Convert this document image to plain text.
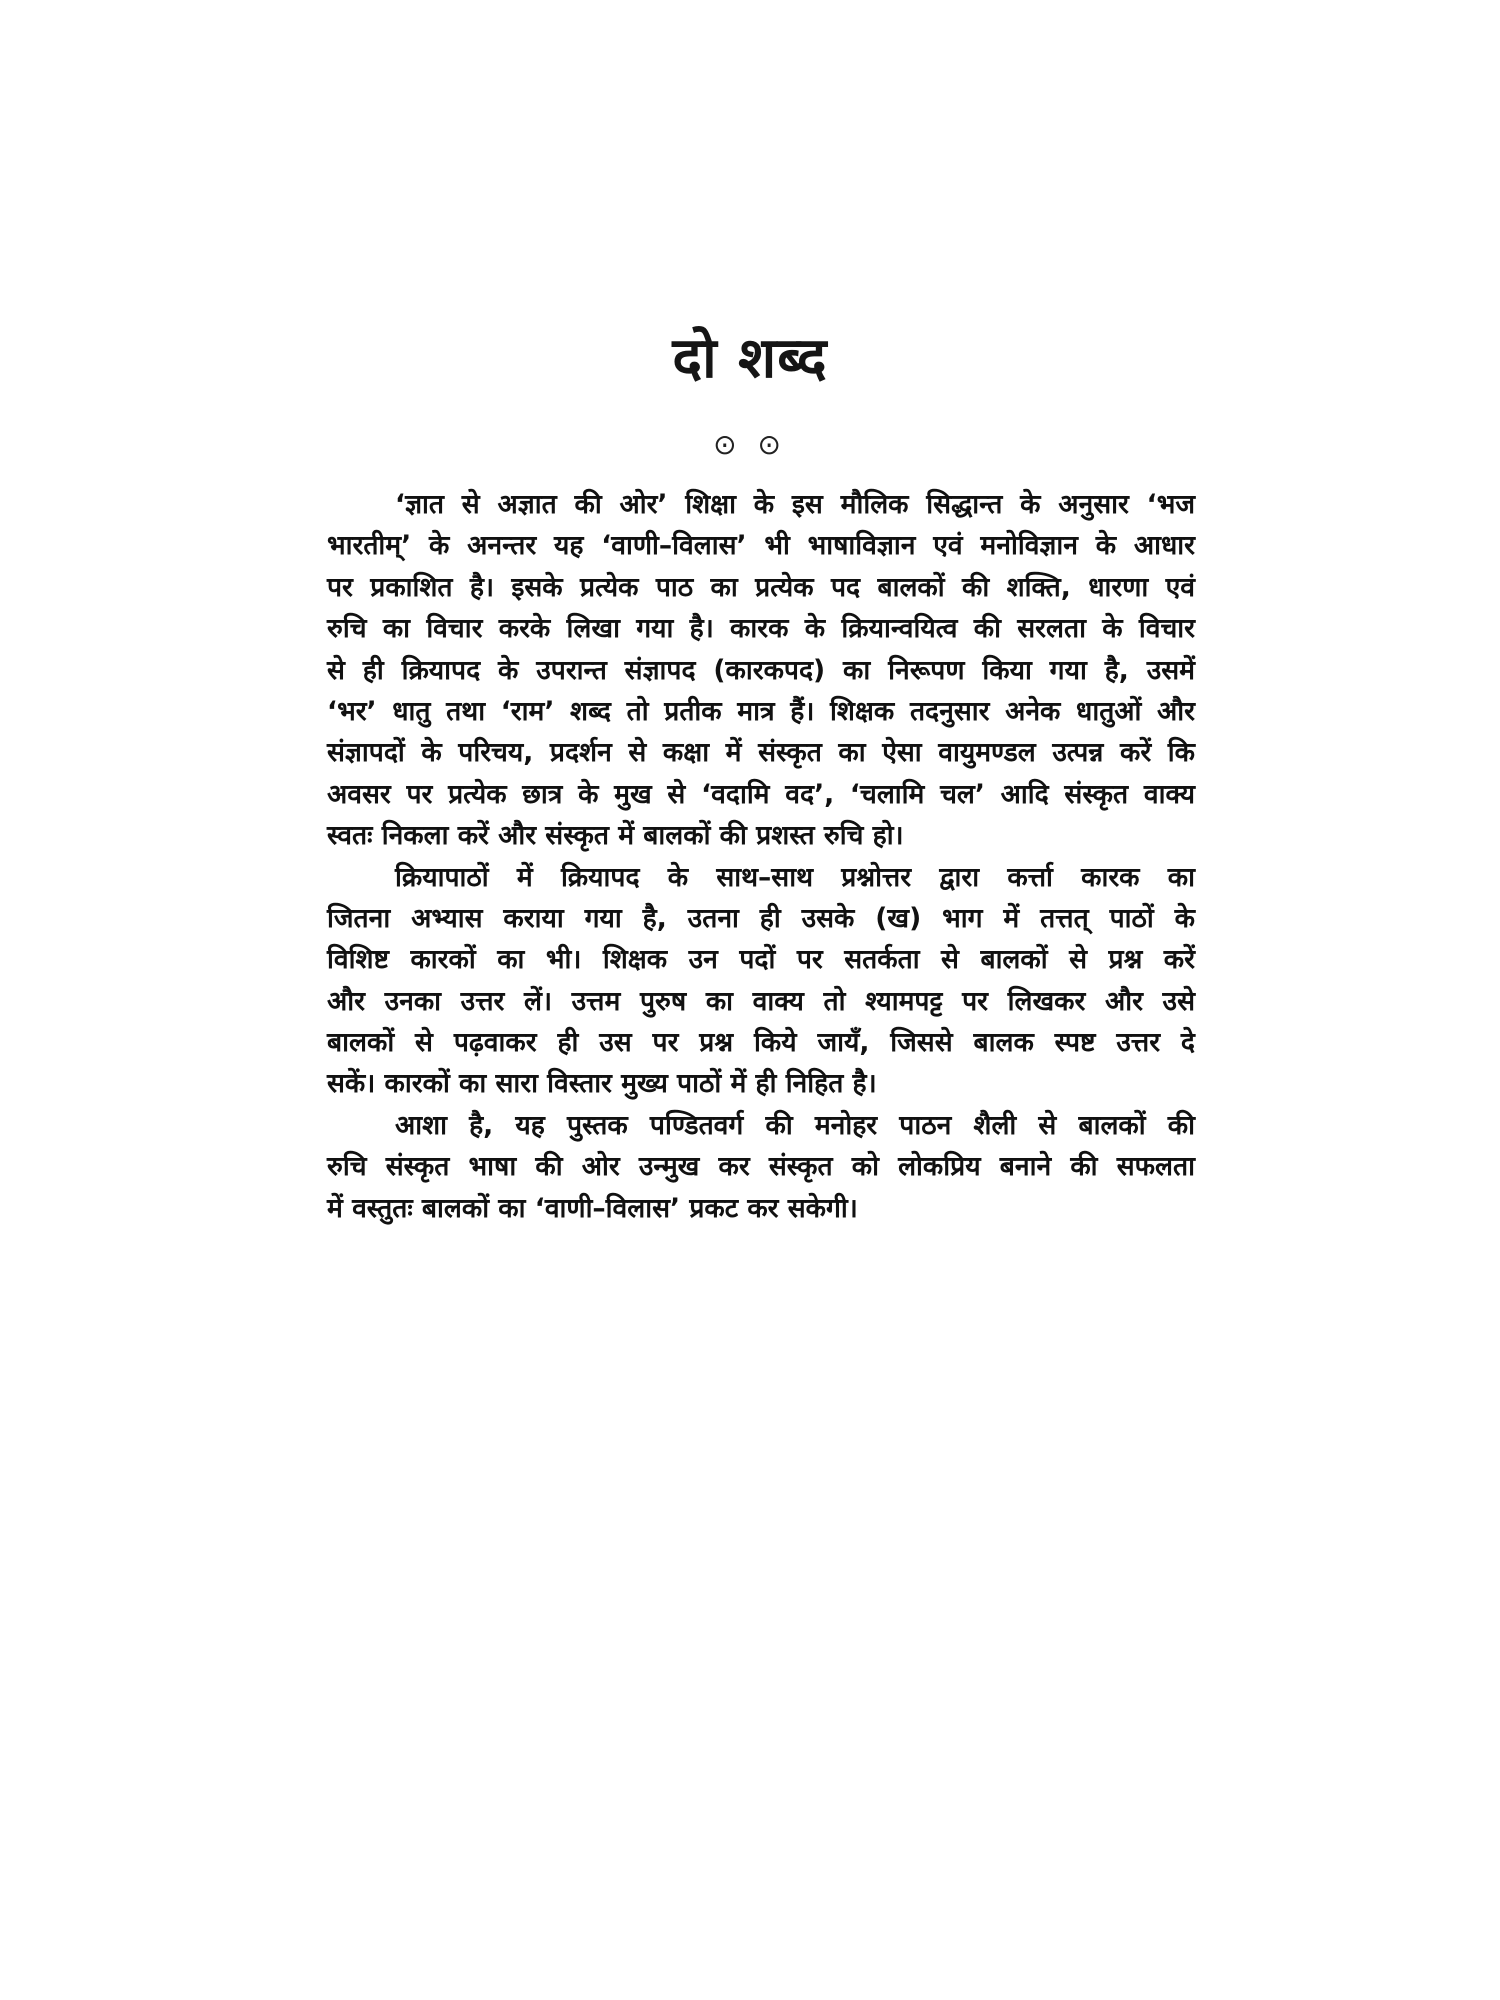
दो शब्द
⊙ ⊙
‘ज्ञात से अज्ञात की ओर’ शिक्षा के इस मौलिक सिद्धान्त के अनुसार ‘भज
भारतीम्’ के अनन्तर यह ‘वाणी–विलास’ भी भाषाविज्ञान एवं मनोविज्ञान के आधार
पर प्रकाशित है। इसके प्रत्येक पाठ का प्रत्येक पद बालकों की शक्ति, धारणा एवं
रुचि का विचार करके लिखा गया है। कारक के क्रियान्वयित्व की सरलता के विचार
से ही क्रियापद के उपरान्त संज्ञापद (कारकपद) का निरूपण किया गया है, उसमें
‘भर’ धातु तथा ‘राम’ शब्द तो प्रतीक मात्र हैं। शिक्षक तदनुसार अनेक धातुओं और
संज्ञापदों के परिचय, प्रदर्शन से कक्षा में संस्कृत का ऐसा वायुमण्डल उत्पन्न करें कि
अवसर पर प्रत्येक छात्र के मुख से ‘वदामि वद’, ‘चलामि चल’ आदि संस्कृत वाक्य
स्वतः निकला करें और संस्कृत में बालकों की प्रशस्त रुचि हो।
क्रियापाठों में क्रियापद के साथ–साथ प्रश्नोत्तर द्वारा कर्त्ता कारक का
जितना अभ्यास कराया गया है, उतना ही उसके (ख) भाग में तत्तत् पाठों के
विशिष्ट कारकों का भी। शिक्षक उन पदों पर सतर्कता से बालकों से प्रश्न करें
और उनका उत्तर लें। उत्तम पुरुष का वाक्य तो श्यामपट्ट पर लिखकर और उसे
बालकों से पढ़वाकर ही उस पर प्रश्न किये जायँ, जिससे बालक स्पष्ट उत्तर दे
सकें। कारकों का सारा विस्तार मुख्य पाठों में ही निहित है।
आशा है, यह पुस्तक पण्डितवर्ग की मनोहर पाठन शैली से बालकों की
रुचि संस्कृत भाषा की ओर उन्मुख कर संस्कृत को लोकप्रिय बनाने की सफलता
में वस्तुतः बालकों का ‘वाणी–विलास’ प्रकट कर सकेगी।
